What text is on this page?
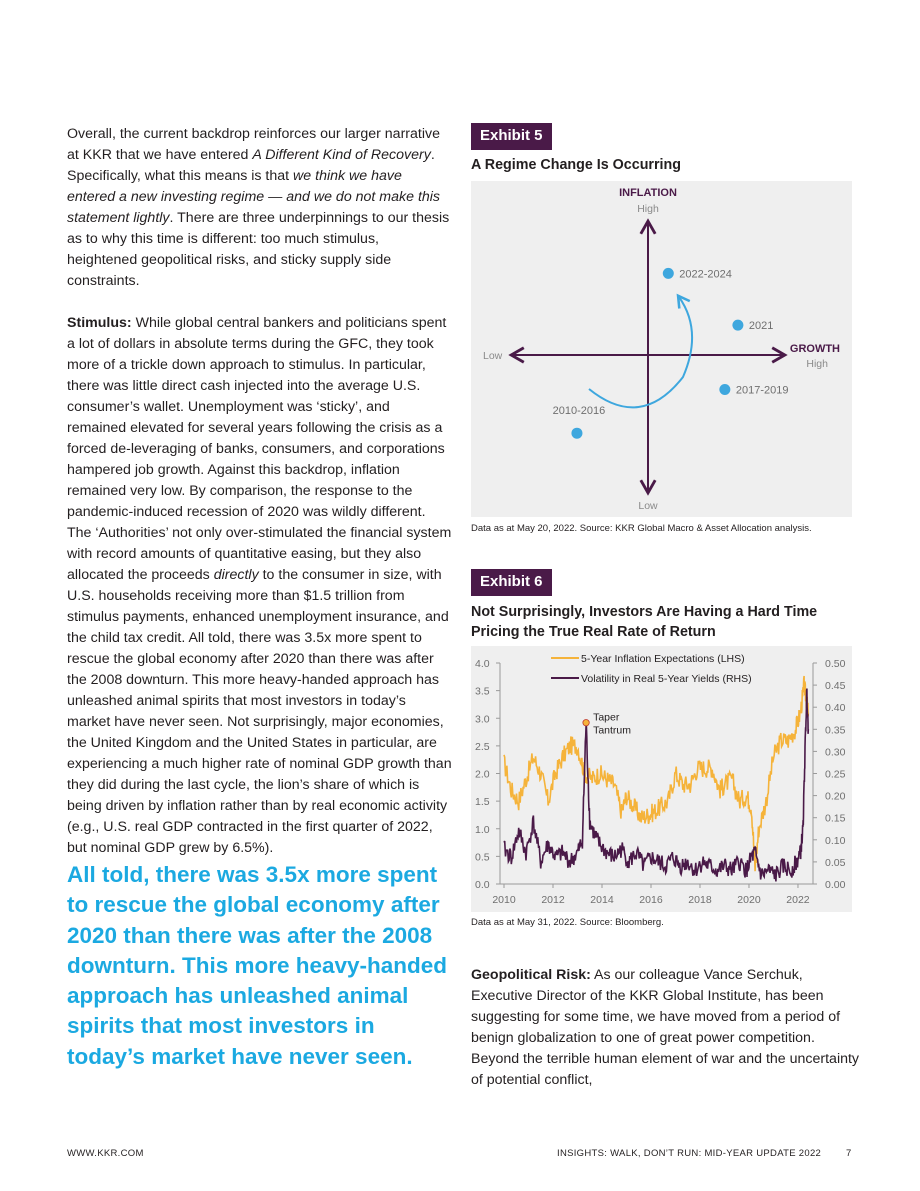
Overall, the current backdrop reinforces our larger narrative at KKR that we have entered A Different Kind of Recovery. Specifically, what this means is that we think we have entered a new investing regime — and we do not make this statement lightly. There are three underpinnings to our thesis as to why this time is different: too much stimulus, heightened geopolitical risks, and sticky supply side constraints.

Stimulus: While global central bankers and politicians spent a lot of dollars in absolute terms during the GFC, they took more of a trickle down approach to stimulus. In particular, there was little direct cash injected into the average U.S. consumer’s wallet. Unemployment was ‘sticky’, and remained elevated for several years following the crisis as a forced de-leveraging of banks, consumers, and corporations hampered job growth. Against this backdrop, inflation remained very low. By comparison, the response to the pandemic-induced recession of 2020 was wildly different. The ‘Authorities’ not only over-stimulated the financial system with record amounts of quantitative easing, but they also allocated the proceeds directly to the consumer in size, with U.S. households receiving more than $1.5 trillion from stimulus payments, enhanced unemployment insurance, and the child tax credit. All told, there was 3.5x more spent to rescue the global economy after 2020 than there was after the 2008 downturn. This more heavy-handed approach has unleashed animal spirits that most investors in today’s market have never seen. Not surprisingly, major economies, the United Kingdom and the United States in particular, are experiencing a much higher rate of nominal GDP growth than they did during the last cycle, the lion’s share of which is being driven by inflation rather than by real economic activity (e.g., U.S. real GDP contracted in the first quarter of 2022, but nominal GDP grew by 6.5%).

All told, there was 3.5x more spent to rescue the global economy after 2020 than there was after the 2008 downturn. This more heavy-handed approach has unleashed animal spirits that most investors in today’s market have never seen.
Exhibit 5
A Regime Change Is Occurring
INFLATION
High
Low
Low
GROWTH
High
2022-2024
2021
2017-2019
2010-2016
Data as at May 20, 2022. Source: KKR Global Macro & Asset Allocation analysis.
Exhibit 6
Not Surprisingly, Investors Are Having a Hard Time Pricing the True Real Rate of Return
0.0
0.5
1.0
1.5
2.0
2.5
3.0
3.5
4.0
0.00
0.05
0.10
0.15
0.20
0.25
0.30
0.35
0.40
0.45
0.50
2010 2012 2014 2016 2018 2020 2022
Taper
Tantrum
5-Year Inflation Expectations (LHS)
Volatility in Real 5-Year Yields (RHS)
Data as at May 31, 2022. Source: Bloomberg.
Geopolitical Risk: As our colleague Vance Serchuk, Executive Director of the KKR Global Institute, has been suggesting for some time, we have moved from a period of benign globalization to one of great power competition. Beyond the terrible human element of war and the uncertainty of potential conflict,
WWW.KKR.COM	INSIGHTS: WALK, DON’T RUN: MID-YEAR UPDATE 2022	7
